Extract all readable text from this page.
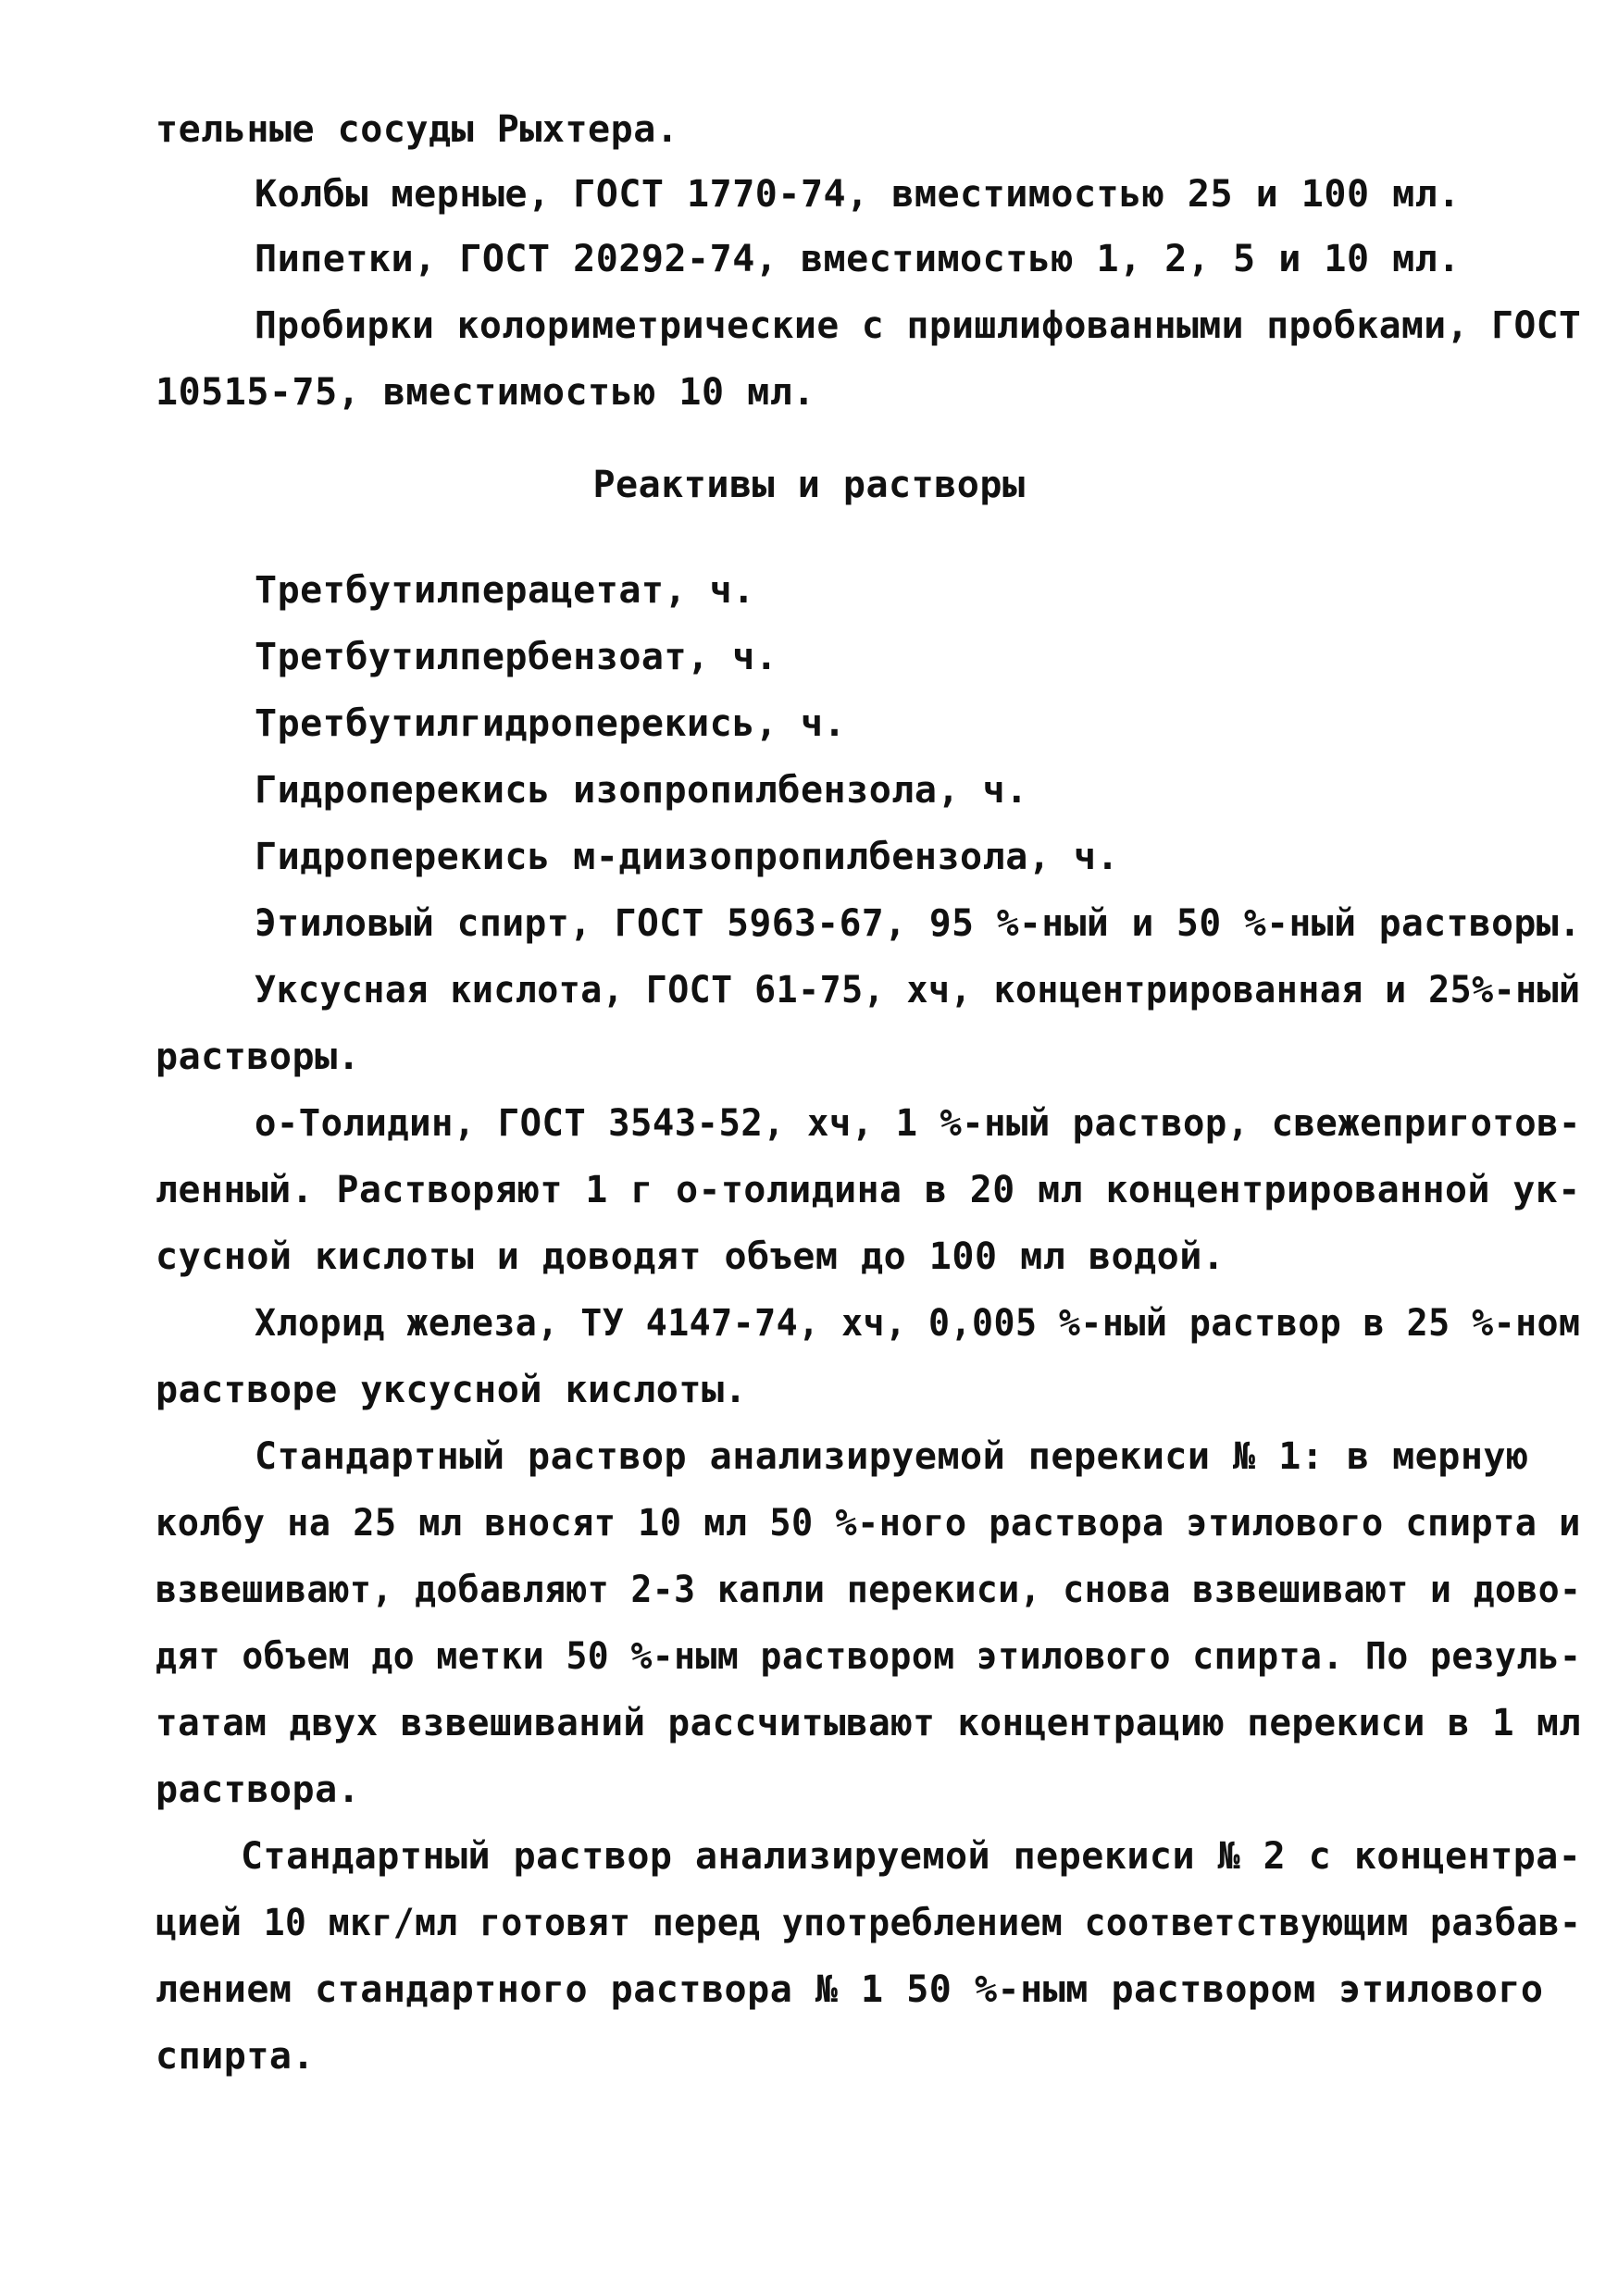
тельные сосуды Рыхтера.
Колбы мерные, ГОСТ 1770-74, вместимостью 25 и 100 мл.
Пипетки, ГОСТ 20292-74, вместимостью 1, 2, 5 и 10 мл.
Пробирки колориметрические с пришлифованными пробками, ГОСТ
10515-75, вместимостью 10 мл.
Реактивы и растворы
Третбутилперацетат, ч.
Третбутилпербензоат, ч.
Третбутилгидроперекись, ч.
Гидроперекись изопропилбензола, ч.
Гидроперекись м-диизопропилбензола, ч.
Этиловый спирт, ГОСТ 5963-67, 95 %-ный и 50 %-ный растворы.
Уксусная кислота, ГОСТ 61-75, хч, концентрированная и 25%-ный
растворы.
о-Толидин, ГОСТ 3543-52, хч, 1 %-ный раствор, свежеприготов-
ленный. Растворяют 1 г о-толидина в 20 мл концентрированной ук-
сусной кислоты и доводят объем до 100 мл водой.
Хлорид железа, ТУ 4147-74, хч, 0,005 %-ный раствор в 25 %-ном
растворе уксусной кислоты.
Стандартный раствор анализируемой перекиси № 1: в мерную
колбу на 25 мл вносят 10 мл 50 %-ного раствора этилового спирта и
взвешивают, добавляют 2-3 капли перекиси, снова взвешивают и дово-
дят объем до метки 50 %-ным раствором этилового спирта. По резуль-
татам двух взвешиваний рассчитывают концентрацию перекиси в 1 мл
раствора.
Стандартный раствор анализируемой перекиси № 2 с концентра-
цией 10 мкг/мл готовят перед употреблением соответствующим разбав-
лением стандартного раствора № 1 50 %-ным раствором этилового
спирта.
